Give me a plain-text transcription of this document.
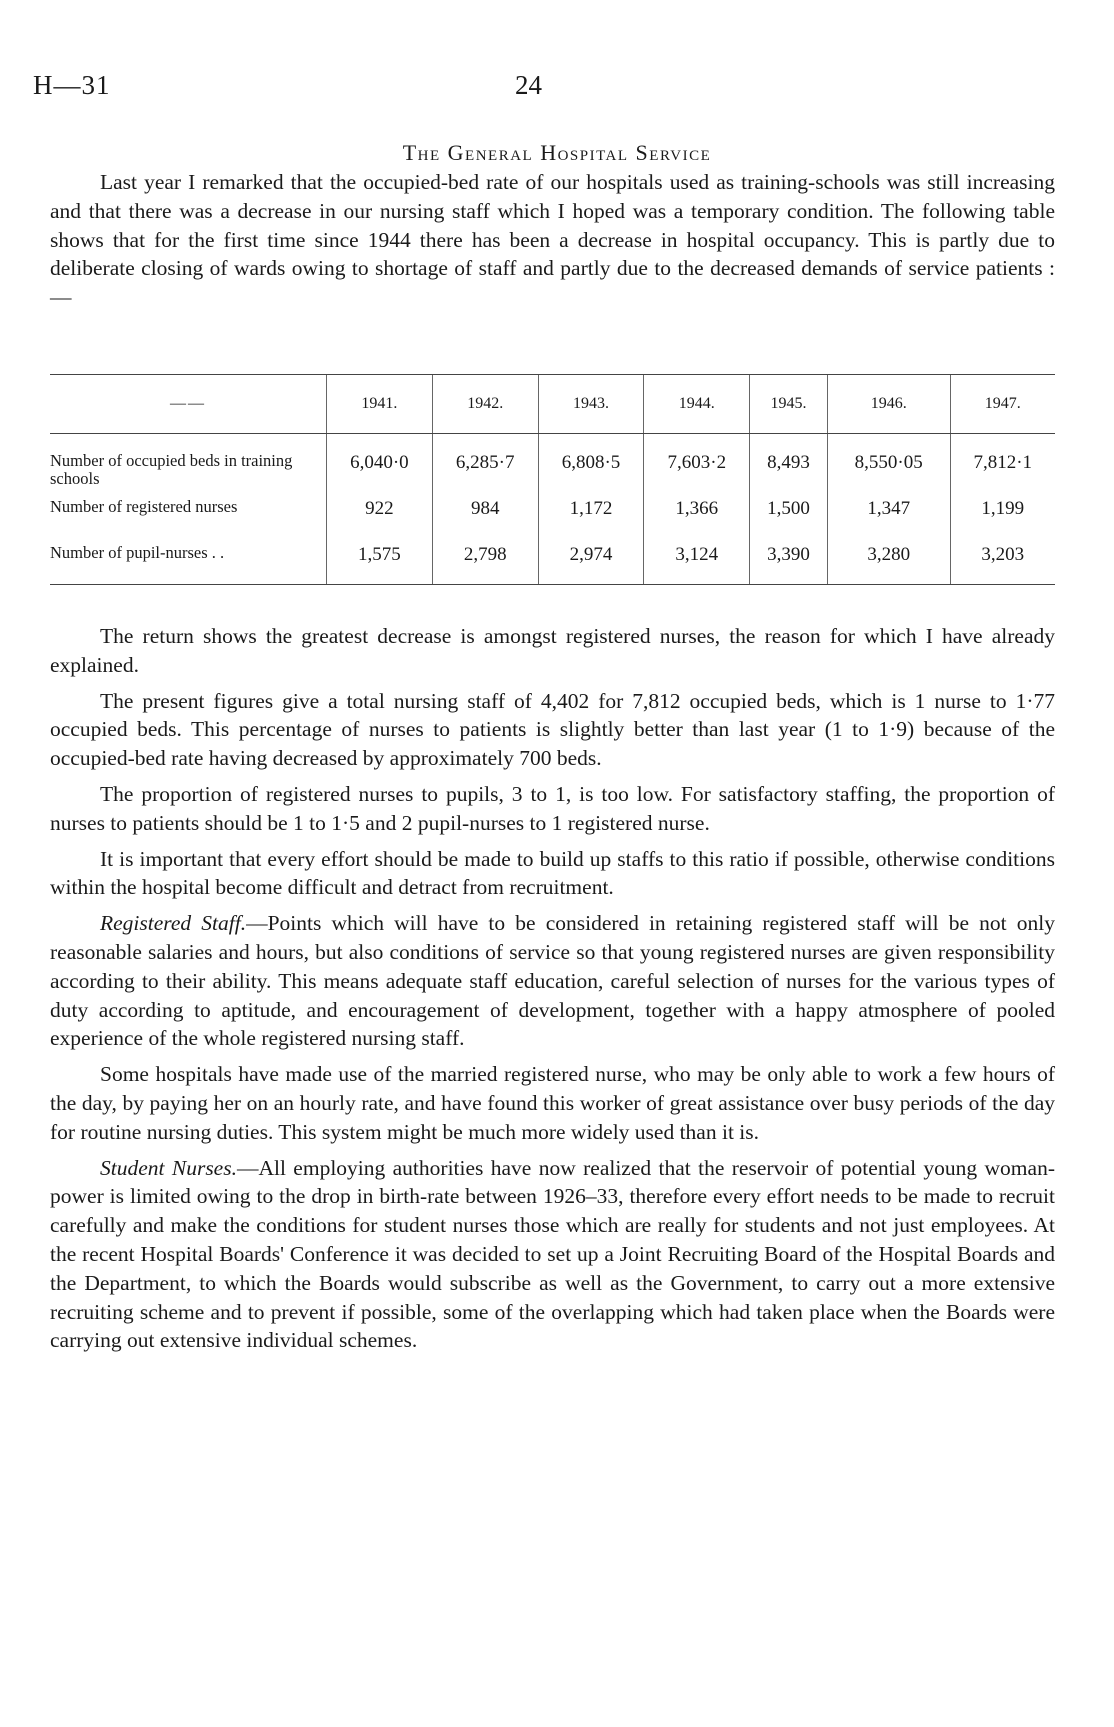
H—31	24
The General Hospital Service

Last year I remarked that the occupied-bed rate of our hospitals used as training-schools was still increasing and that there was a decrease in our nursing staff which I hoped was a temporary condition. The following table shows that for the first time since 1944 there has been a decrease in hospital occupancy. This is partly due to deliberate closing of wards owing to shortage of staff and partly due to the decreased demands of service patients :—

——	1941.	1942.	1943.	1944.	1945.	1946.	1947.
Number of occupied beds in training schools	6,040·0	6,285·7	6,808·5	7,603·2	8,493	8,550·05	7,812·1
Number of registered nurses	922	984	1,172	1,366	1,500	1,347	1,199
Number of pupil-nurses . .	1,575	2,798	2,974	3,124	3,390	3,280	3,203

The return shows the greatest decrease is amongst registered nurses, the reason for which I have already explained.

The present figures give a total nursing staff of 4,402 for 7,812 occupied beds, which is 1 nurse to 1·77 occupied beds. This percentage of nurses to patients is slightly better than last year (1 to 1·9) because of the occupied-bed rate having decreased by approximately 700 beds.

The proportion of registered nurses to pupils, 3 to 1, is too low. For satisfactory staffing, the proportion of nurses to patients should be 1 to 1·5 and 2 pupil-nurses to 1 registered nurse.

It is important that every effort should be made to build up staffs to this ratio if possible, otherwise conditions within the hospital become difficult and detract from recruitment.

Registered Staff.—Points which will have to be considered in retaining registered staff will be not only reasonable salaries and hours, but also conditions of service so that young registered nurses are given responsibility according to their ability. This means adequate staff education, careful selection of nurses for the various types of duty according to aptitude, and encouragement of development, together with a happy atmosphere of pooled experience of the whole registered nursing staff.

Some hospitals have made use of the married registered nurse, who may be only able to work a few hours of the day, by paying her on an hourly rate, and have found this worker of great assistance over busy periods of the day for routine nursing duties. This system might be much more widely used than it is.

Student Nurses.—All employing authorities have now realized that the reservoir of potential young woman-power is limited owing to the drop in birth-rate between 1926–33, therefore every effort needs to be made to recruit carefully and make the conditions for student nurses those which are really for students and not just employees. At the recent Hospital Boards' Conference it was decided to set up a Joint Recruiting Board of the Hospital Boards and the Department, to which the Boards would subscribe as well as the Government, to carry out a more extensive recruiting scheme and to prevent if possible, some of the overlapping which had taken place when the Boards were carrying out extensive individual schemes.
